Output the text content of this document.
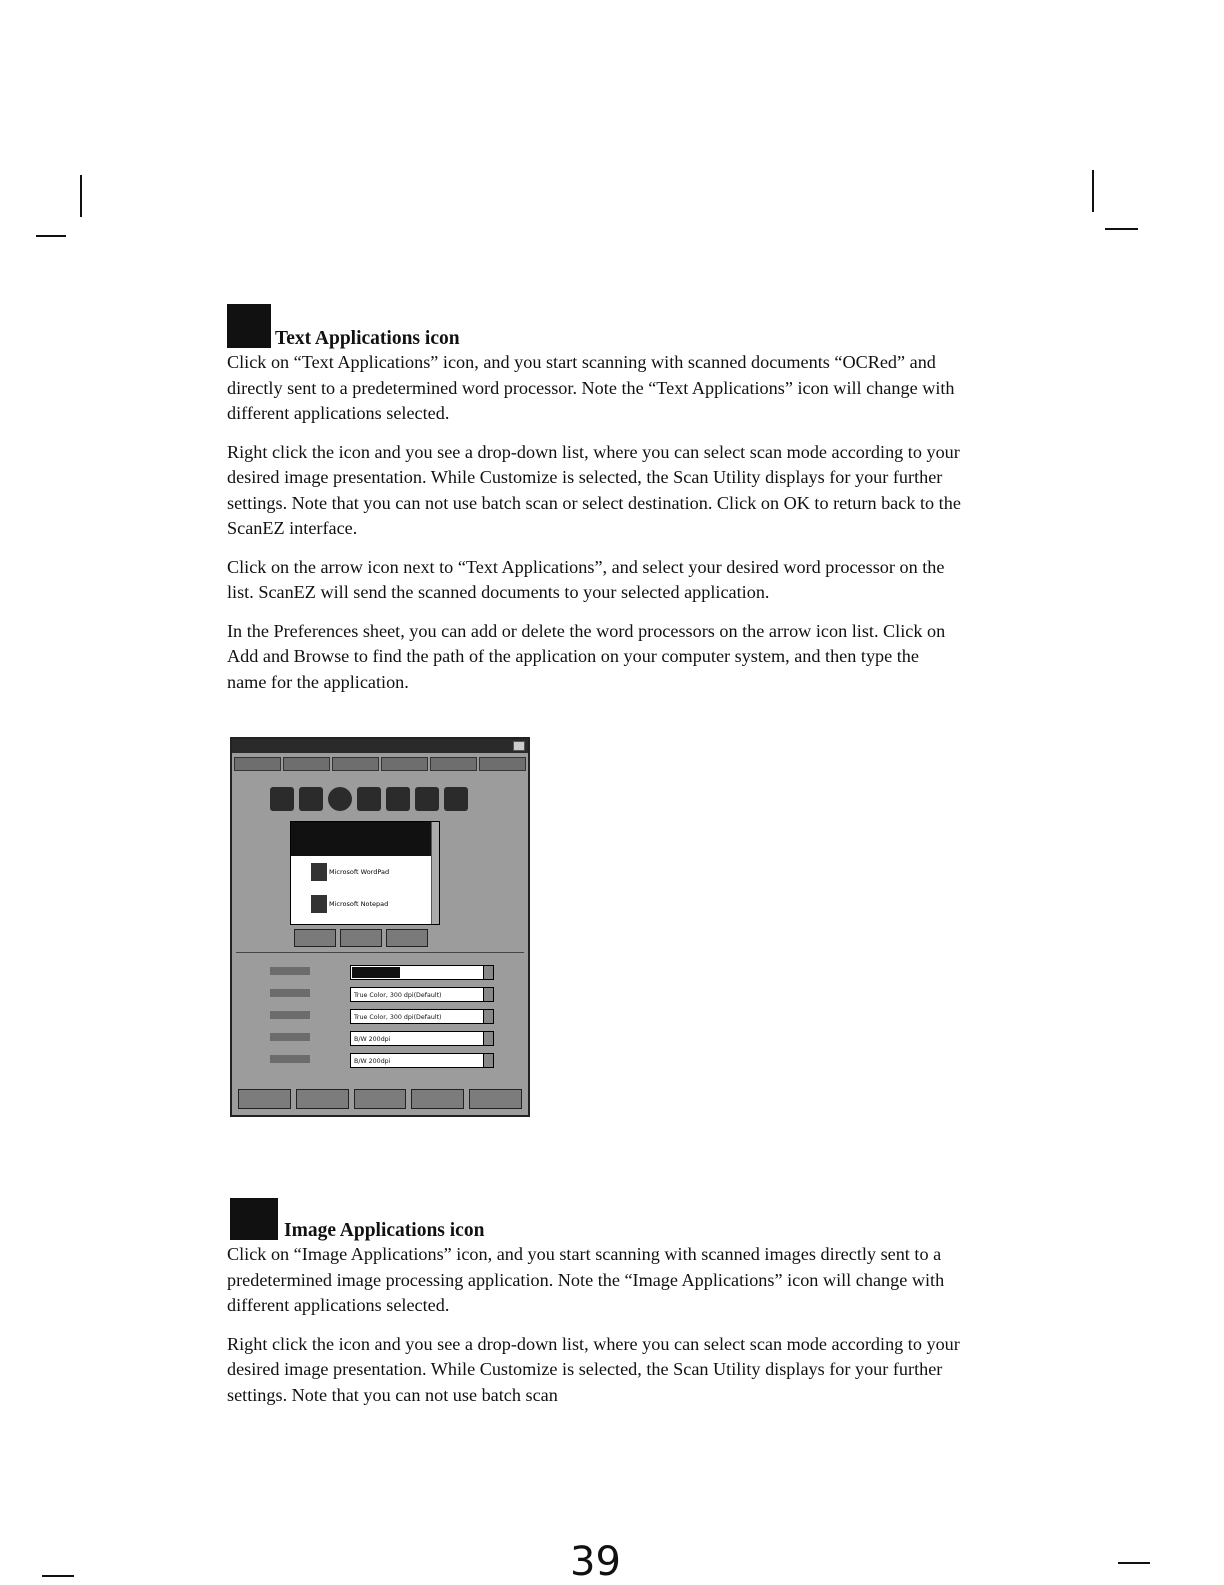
Text Applications icon

Click on “Text Applications” icon, and you start scanning with scanned documents “OCRed” and directly sent to a predetermined word processor. Note the “Text Applications” icon will change with different applications selected.

Right click the icon and you see a drop-down list, where you can select scan mode according to your desired image presentation. While Customize is selected, the Scan Utility displays for your further settings. Note that you can not use batch scan or select destination. Click on OK to return back to the ScanEZ interface.

Click on the arrow icon next to “Text Applications”, and select your desired word processor on the list. ScanEZ will send the scanned documents to your selected application.

In the Preferences sheet, you can add or delete the word processors on the arrow icon list. Click on Add and Browse to find the path of the application on your computer system, and then type the name for the application.

Microsoft WordPad
Microsoft Notepad
True Color, 300 dpi(Default)
True Color, 300 dpi(Default)
B/W 200dpi
B/W 200dpi
Image Applications icon

Click on “Image Applications” icon, and you start scanning with scanned images directly sent to a predetermined image processing application. Note the “Image Applications” icon will change with different applications selected.

Right click the icon and you see a drop-down list, where you can select scan mode according to your desired image presentation. While Customize is selected, the Scan Utility displays for your further settings. Note that you can not use batch scan

39
